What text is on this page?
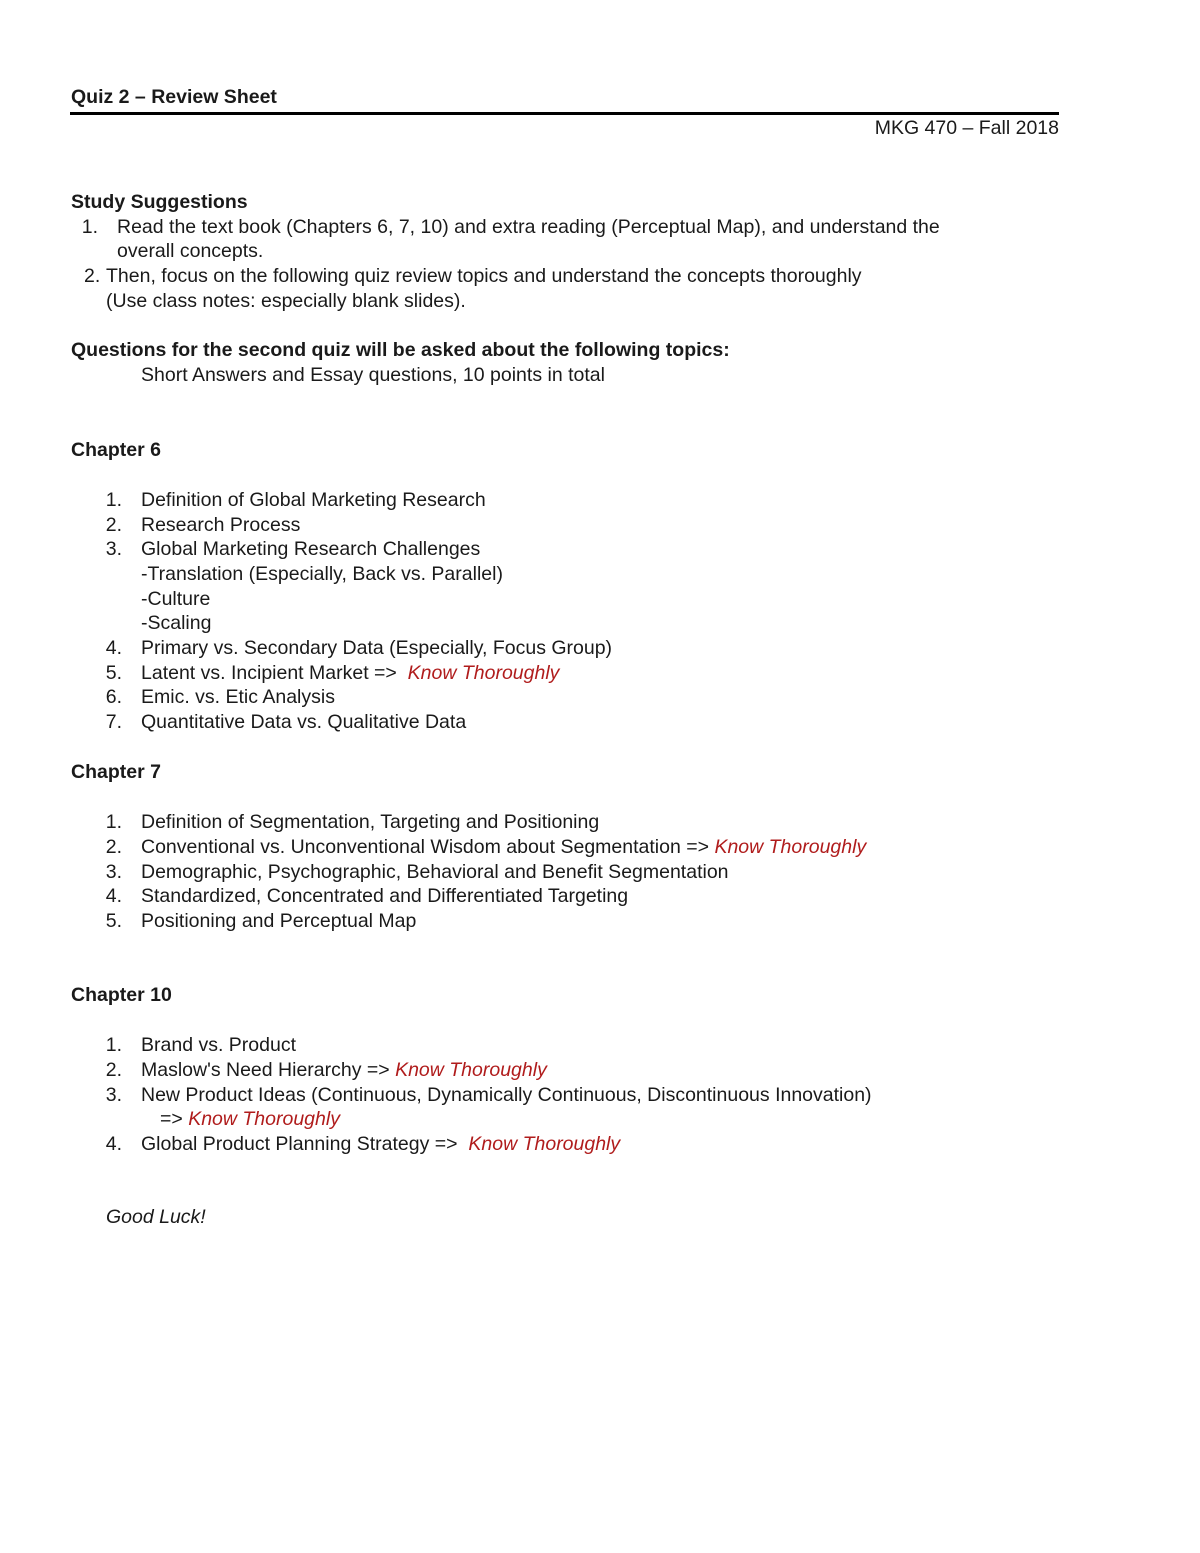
Quiz 2 – Review Sheet
MKG 470 – Fall 2018
Study Suggestions
1. Read the text book (Chapters 6, 7, 10) and extra reading (Perceptual Map), and understand the
overall concepts.
2. Then, focus on the following quiz review topics and understand the concepts thoroughly
(Use class notes: especially blank slides).
Questions for the second quiz will be asked about the following topics:
Short Answers and Essay questions, 10 points in total
Chapter 6
1. Definition of Global Marketing Research
2. Research Process
3. Global Marketing Research Challenges
-Translation (Especially, Back vs. Parallel)
-Culture
-Scaling
4. Primary vs. Secondary Data (Especially, Focus Group)
5. Latent vs. Incipient Market => Know Thoroughly
6. Emic. vs. Etic Analysis
7. Quantitative Data vs. Qualitative Data
Chapter 7
1. Definition of Segmentation, Targeting and Positioning
2. Conventional vs. Unconventional Wisdom about Segmentation => Know Thoroughly
3. Demographic, Psychographic, Behavioral and Benefit Segmentation
4. Standardized, Concentrated and Differentiated Targeting
5. Positioning and Perceptual Map
Chapter 10
1. Brand vs. Product
2. Maslow's Need Hierarchy => Know Thoroughly
3. New Product Ideas (Continuous, Dynamically Continuous, Discontinuous Innovation)
=> Know Thoroughly
4. Global Product Planning Strategy => Know Thoroughly
Good Luck!
